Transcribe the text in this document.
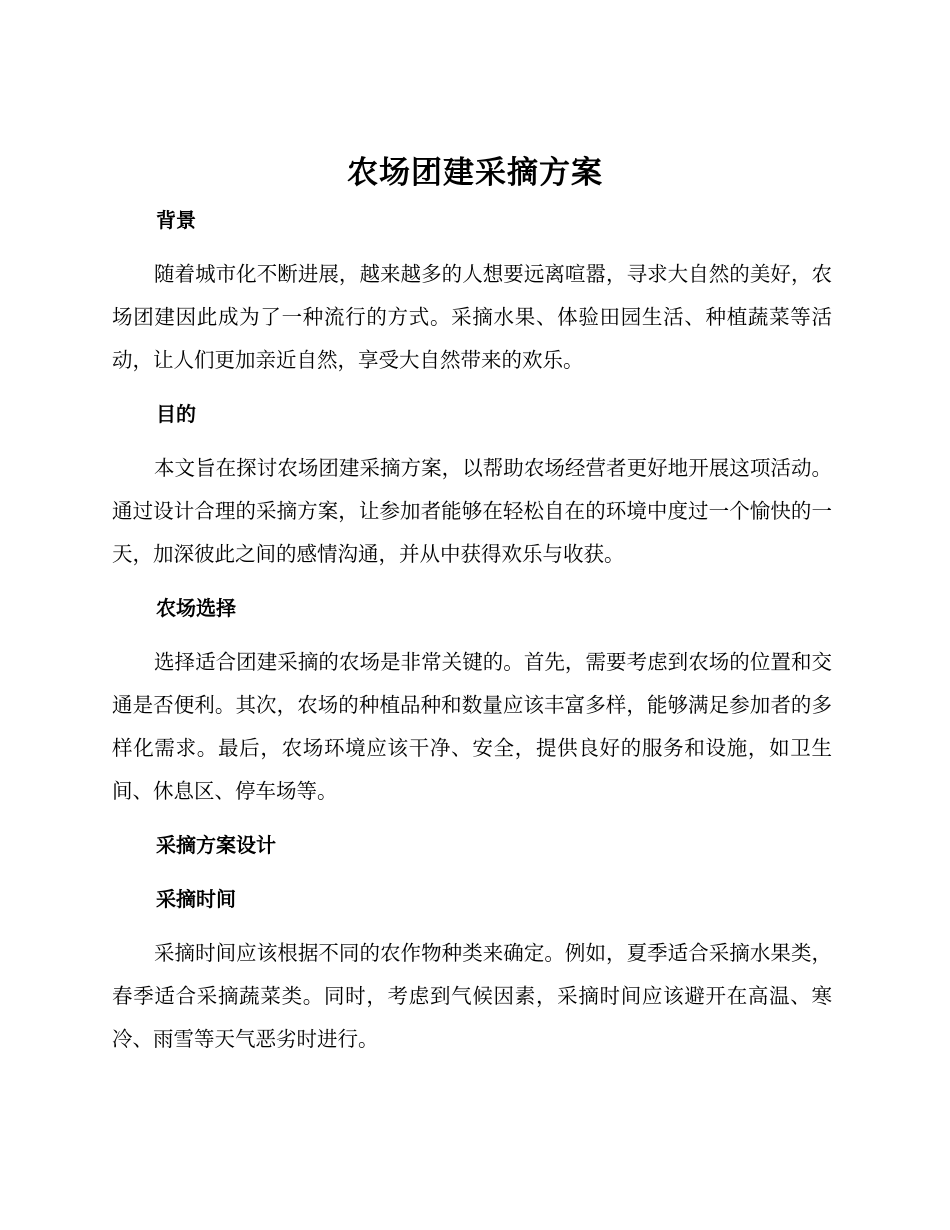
农场团建采摘方案
背景

随着城市化不断进展，越来越多的人想要远离喧嚣，寻求大自然的美好，农场团建因此成为了一种流行的方式。采摘水果、体验田园生活、种植蔬菜等活动，让人们更加亲近自然，享受大自然带来的欢乐。

目的

本文旨在探讨农场团建采摘方案，以帮助农场经营者更好地开展这项活动。通过设计合理的采摘方案，让参加者能够在轻松自在的环境中度过一个愉快的一天，加深彼此之间的感情沟通，并从中获得欢乐与收获。

农场选择

选择适合团建采摘的农场是非常关键的。首先，需要考虑到农场的位置和交通是否便利。其次，农场的种植品种和数量应该丰富多样，能够满足参加者的多样化需求。最后，农场环境应该干净、安全，提供良好的服务和设施，如卫生间、休息区、停车场等。

采摘方案设计
采摘时间

采摘时间应该根据不同的农作物种类来确定。例如，夏季适合采摘水果类，春季适合采摘蔬菜类。同时，考虑到气候因素，采摘时间应该避开在高温、寒冷、雨雪等天气恶劣时进行。
